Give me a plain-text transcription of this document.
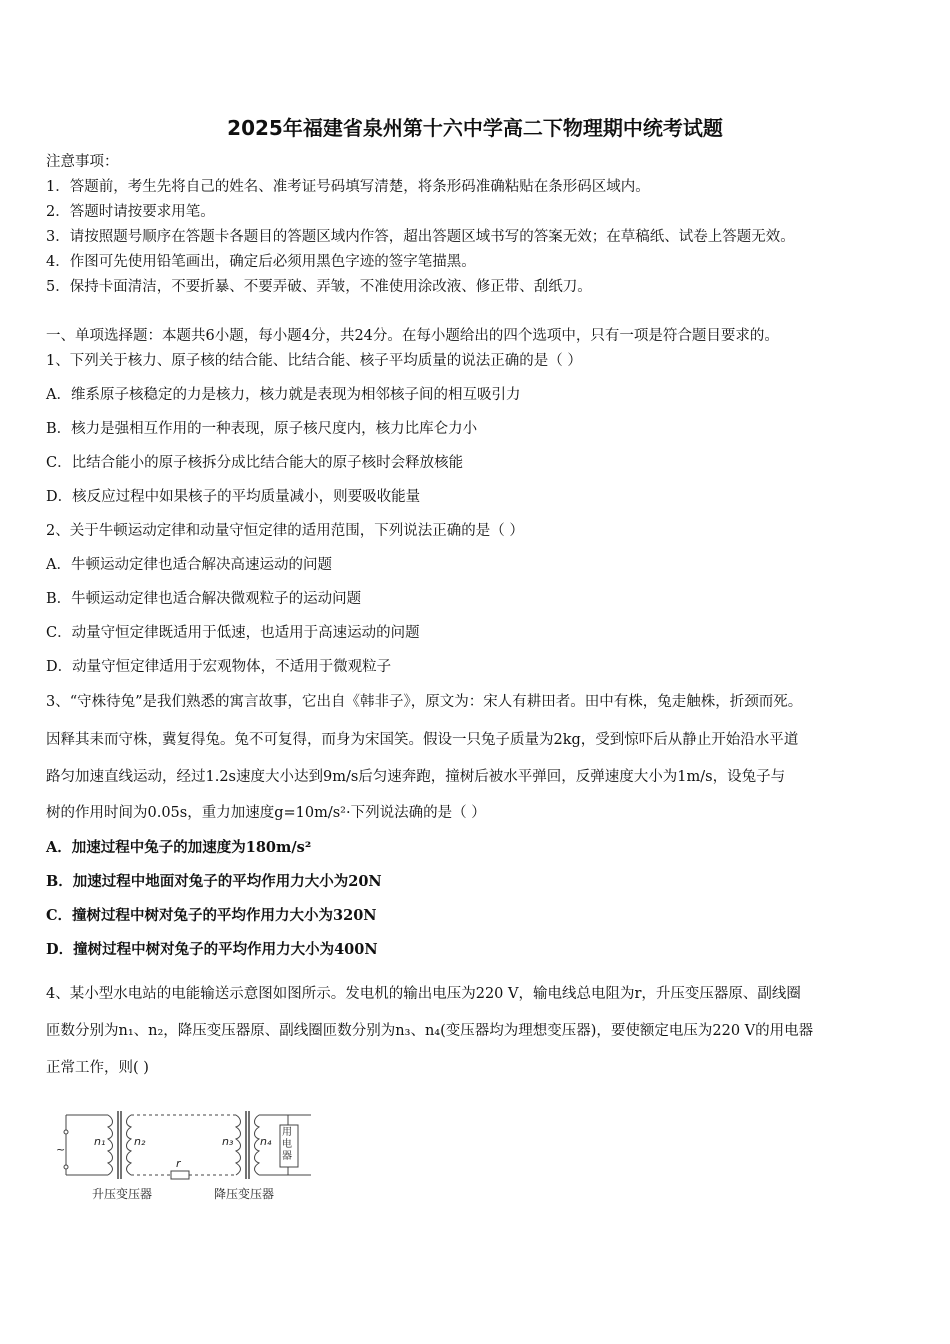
2025年福建省泉州第十六中学高二下物理期中统考试题
注意事项：
1．答题前，考生先将自己的姓名、准考证号码填写清楚，将条形码准确粘贴在条形码区域内。
2．答题时请按要求用笔。
3．请按照题号顺序在答题卡各题目的答题区域内作答，超出答题区域书写的答案无效；在草稿纸、试卷上答题无效。
4．作图可先使用铅笔画出，确定后必须用黑色字迹的签字笔描黑。
5．保持卡面清洁，不要折暴、不要弄破、弄皱，不准使用涂改液、修正带、刮纸刀。
一、单项选择题：本题共6小题，每小题4分，共24分。在每小题给出的四个选项中，只有一项是符合题目要求的。
1、下列关于核力、原子核的结合能、比结合能、核子平均质量的说法正确的是（ ）
A．维系原子核稳定的力是核力，核力就是表现为相邻核子间的相互吸引力
B．核力是强相互作用的一种表现，原子核尺度内，核力比库仑力小
C．比结合能小的原子核拆分成比结合能大的原子核时会释放核能
D．核反应过程中如果核子的平均质量减小，则要吸收能量
2、关于牛顿运动定律和动量守恒定律的适用范围，下列说法正确的是（ ）
A．牛顿运动定律也适合解决高速运动的问题
B．牛顿运动定律也适合解决微观粒子的运动问题
C．动量守恒定律既适用于低速，也适用于高速运动的问题
D．动量守恒定律适用于宏观物体，不适用于微观粒子
3、“守株待兔”是我们熟悉的寓言故事，它出自《韩非子》，原文为：宋人有耕田者。田中有株，兔走触株，折颈而死。
因释其耒而守株，冀复得兔。兔不可复得，而身为宋国笑。假设一只兔子质量为2kg，受到惊吓后从静止开始沿水平道
路匀加速直线运动，经过1.2s速度大小达到9m/s后匀速奔跑，撞树后被水平弹回，反弹速度大小为1m/s，设兔子与
树的作用时间为0.05s，重力加速度g=10m/s²·下列说法确的是（ ）
A．加速过程中兔子的加速度为180m/s²
B．加速过程中地面对兔子的平均作用力大小为20N
C．撞树过程中树对兔子的平均作用力大小为320N
D．撞树过程中树对兔子的平均作用力大小为400N
4、某小型水电站的电能输送示意图如图所示。发电机的输出电压为220 V，输电线总电阻为r，升压变压器原、副线圈
匝数分别为n₁、n₂，降压变压器原、副线圈匝数分别为n₃、n₄(变压器均为理想变压器)，要使额定电压为220 V的用电器
正常工作，则( )
~
n₁	n₂
r
n₃ n₄
用电器
升压变压器	降压变压器
